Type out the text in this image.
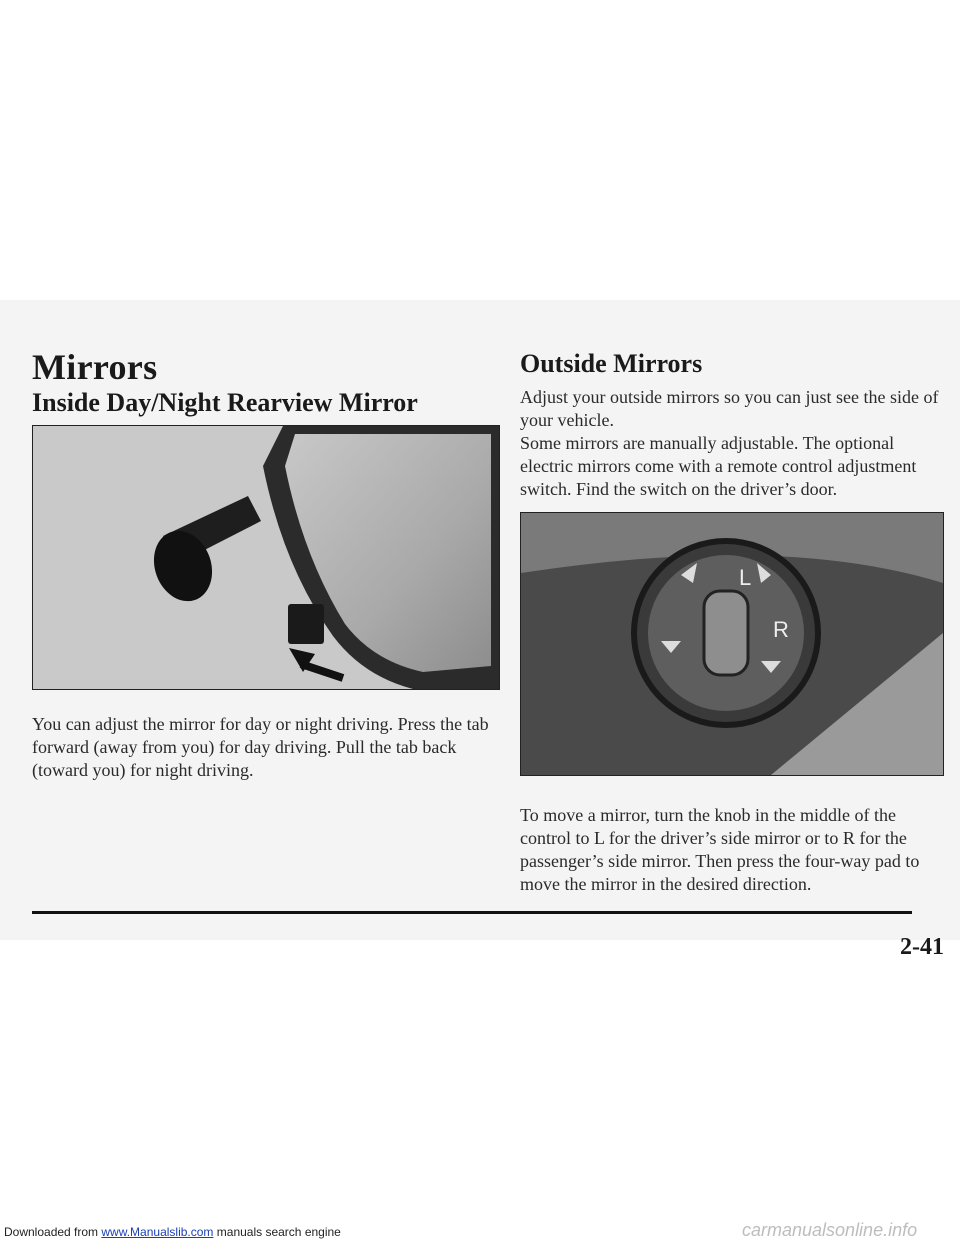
Mirrors
Inside Day/Night Rearview Mirror
Outside Mirrors

Adjust your outside mirrors so you can just see the side of your vehicle.

Some mirrors are manually adjustable. The optional electric mirrors come with a remote control adjustment switch. Find the switch on the driver’s door.

L
R

You can adjust the mirror for day or night driving. Press the tab forward (away from you) for day driving. Pull the tab back (toward you) for night driving.

To move a mirror, turn the knob in the middle of the control to L for the driver’s side mirror or to R for the passenger’s side mirror. Then press the four-way pad to move the mirror in the desired direction.

2-41

Downloaded from www.Manualslib.com manuals search engine	carmanualsonline.info
